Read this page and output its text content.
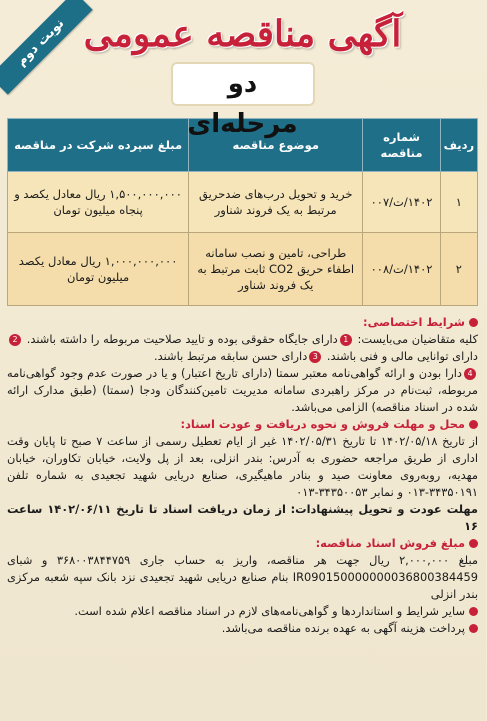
نوبت دوم آگهی مناقصه عمومی
دو مرحله‌ای
ردیف	شماره مناقصه	موضوع مناقصه	مبلغ سپرده شرکت در مناقصه
۱	۱۴۰۲/ت/۰۰۷	خرید و تحویل درب‌های ضدحریق مرتبط به یک فروند شناور	۱,۵۰۰,۰۰۰,۰۰۰ ریال معادل یکصد و پنجاه میلیون تومان
۲	۱۴۰۲/ت/۰۰۸	طراحی، تامین و نصب سامانه اطفاء حریق CO2 ثابت مرتبط به یک فروند شناور	۱,۰۰۰,۰۰۰,۰۰۰ ریال معادل یکصد میلیون تومان

شرایط اختصاصی:

کلیه متقاضیان می‌بایست: 1دارای جایگاه حقوقی بوده و تایید صلاحیت مربوطه را داشته باشند. 2دارای توانایی مالی و فنی باشند. 3دارای حسن سابقه مرتبط باشند.

4دارا بودن و ارائه گواهی‌نامه معتبر سمتا (دارای تاریخ اعتبار) و یا در صورت عدم وجود گواهی‌نامه مربوطه، ثبت‌نام در مرکز راهبردی سامانه مدیریت تامین‌کنندگان ودجا (سمتا) (طبق مدارک ارائه شده در اسناد مناقصه) الزامی می‌باشد.

محل و مهلت فروش و نحوه دریافت و عودت اسناد:

از تاریخ ۱۴۰۲/۰۵/۱۸ تا تاریخ ۱۴۰۲/۰۵/۳۱ غیر از ایام تعطیل رسمی از ساعت ۷ صبح تا پایان وقت اداری از طریق مراجعه حضوری به آدرس: بندر انزلی، بعد از پل ولایت، خیابان تکاوران، خیابان مهدیه، روبه‌روی معاونت صید و بنادر ماهیگیری، صنایع دریایی شهید تجعیدی به شماره تلفن ۳۴۳۵۰۱۹۱-۰۱۳ و نمابر ۳۴۳۵۰۰۵۳-۰۱۳

مهلت عودت و تحویل پیشنهادات: از زمان دریافت اسناد تا تاریخ ۱۴۰۲/۰۶/۱۱ ساعت ۱۶

مبلغ فروش اسناد مناقصه:

مبلغ ۲,۰۰۰,۰۰۰ ریال جهت هر مناقصه، واریز به حساب جاری ۳۶۸۰۰۳۸۴۴۷۵۹ و شبای IR090150000000036800384459 بنام صنایع دریایی شهید تجعیدی نزد بانک سپه شعبه مرکزی بندر انزلی

سایر شرایط و استانداردها و گواهی‌نامه‌های لازم در اسناد مناقصه اعلام شده است.

پرداخت هزینه آگهی به عهده برنده مناقصه می‌باشد.
